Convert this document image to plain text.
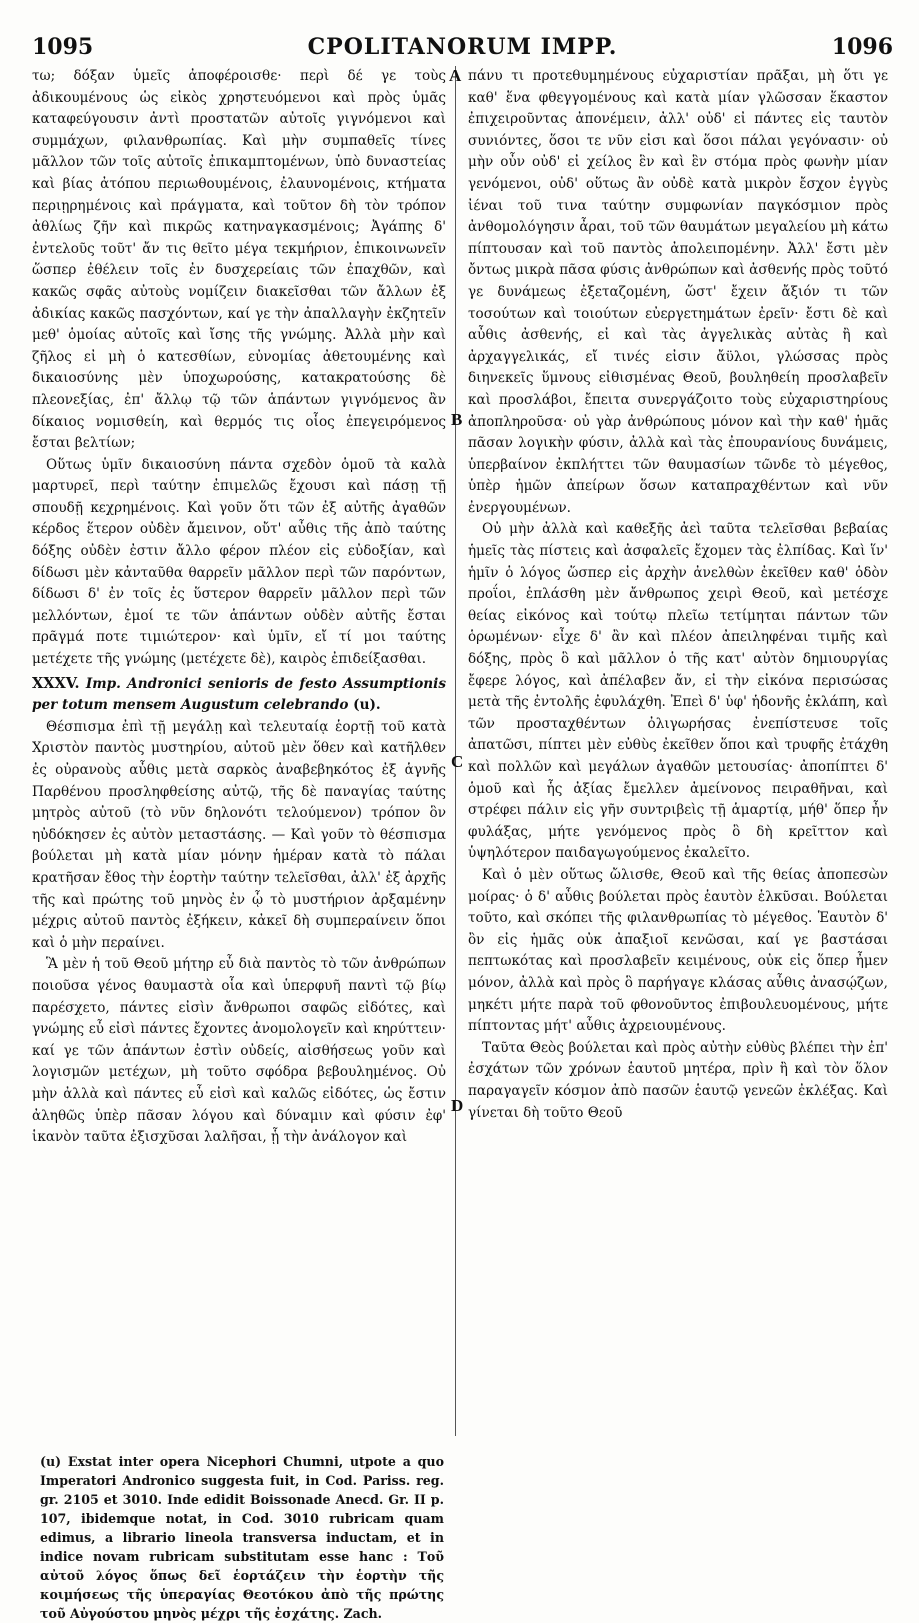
1095	CPOLITANORUM IMPP.	1096
A
B
C
D

τω; δόξαν ὑμεῖς ἀποφέροισθε· περὶ δέ γε τοὺς ἀδικουμένους ὡς εἰκὸς χρηστευόμενοι καὶ πρὸς ὑμᾶς καταφεύγουσιν ἀντὶ προστατῶν αὐτοῖς γιγνόμενοι καὶ συμμάχων, φιλανθρωπίας. Καὶ μὴν συμπαθεῖς τίνες μᾶλλον τῶν τοῖς αὐτοῖς ἐπικαμπτομένων, ὑπὸ δυναστείας καὶ βίας ἀτόπου περιωθουμένοις, ἐλαυνομένοις, κτήματα περιῃρημένοις καὶ πράγματα, καὶ τοῦτον δὴ τὸν τρόπον ἀθλίως ζῆν καὶ πικρῶς κατηναγκασμένοις; Ἀγάπης δ' ἐντελοῦς τοῦτ' ἄν τις θεῖτο μέγα τεκμήριον, ἐπικοινωνεῖν ὥσπερ ἐθέλειν τοῖς ἐν δυσχερείαις τῶν ἐπαχθῶν, καὶ κακῶς σφᾶς αὐτοὺς νομίζειν διακεῖσθαι τῶν ἄλλων ἐξ ἀδικίας κακῶς πασχόντων, καί γε τὴν ἀπαλλαγὴν ἐκζητεῖν μεθ' ὁμοίας αὐτοῖς καὶ ἴσης τῆς γνώμης. Ἀλλὰ μὴν καὶ ζῆλος εἰ μὴ ὁ κατεσθίων, εὐνομίας ἀθετουμένης καὶ δικαιοσύνης μὲν ὑποχωρούσης, κατακρατούσης δὲ πλεονεξίας, ἐπ' ἄλλῳ τῷ τῶν ἁπάντων γιγνόμενος ἂν δίκαιος νομισθείη, καὶ θερμός τις οἷος ἐπεγειρόμενος ἔσται βελτίων;

Οὕτως ὑμῖν δικαιοσύνη πάντα σχεδὸν ὁμοῦ τὰ καλὰ μαρτυρεῖ, περὶ ταύτην ἐπιμελῶς ἔχουσι καὶ πάσῃ τῇ σπουδῇ κεχρημένοις. Καὶ γοῦν ὅτι τῶν ἐξ αὐτῆς ἀγαθῶν κέρδος ἕτερον οὐδὲν ἄμεινον, οὔτ' αὖθις τῆς ἀπὸ ταύτης δόξης οὐδὲν ἐστιν ἄλλο φέρον πλέον εἰς εὐδοξίαν, καὶ δίδωσι μὲν κἀνταῦθα θαρρεῖν μᾶλλον περὶ τῶν παρόντων, δίδωσι δ' ἐν τοῖς ἐς ὕστερον θαρρεῖν μᾶλλον περὶ τῶν μελλόντων, ἐμοί τε τῶν ἁπάντων οὐδὲν αὐτῆς ἔσται πρᾶγμά ποτε τιμιώτερον· καὶ ὑμῖν, εἴ τί μοι ταύτης μετέχετε τῆς γνώμης (μετέχετε δὲ), καιρὸς ἐπιδείξασθαι.

XXXV. Imp. Andronici senioris de festo Assumptionis per totum mensem Augustum celebrando (u).

Θέσπισμα ἐπὶ τῇ μεγάλῃ καὶ τελευταίᾳ ἑορτῇ τοῦ κατὰ Χριστὸν παντὸς μυστηρίου, αὐτοῦ μὲν ὅθεν καὶ κατῆλθεν ἐς οὐρανοὺς αὖθις μετὰ σαρκὸς ἀναβεβηκότος ἐξ ἁγνῆς Παρθένου προσληφθείσης αὐτῷ, τῆς δὲ παναγίας ταύτης μητρὸς αὐτοῦ (τὸ νῦν δηλονότι τελούμενον) τρόπον ὃν ηὐδόκησεν ἐς αὐτὸν μεταστάσης. — Καὶ γοῦν τὸ θέσπισμα βούλεται μὴ κατὰ μίαν μόνην ἡμέραν κατὰ τὸ πάλαι κρατῆσαν ἔθος τὴν ἑορτὴν ταύτην τελεῖσθαι, ἀλλ' ἐξ ἀρχῆς τῆς καὶ πρώτης τοῦ μηνὸς ἐν ᾧ τὸ μυστήριον ἀρξαμένην μέχρις αὐτοῦ παντὸς ἐξήκειν, κἀκεῖ δὴ συμπεραίνειν ὅποι καὶ ὁ μὴν περαίνει.

Ἃ μὲν ἡ τοῦ Θεοῦ μήτηρ εὖ διὰ παντὸς τὸ τῶν ἀνθρώπων ποιοῦσα γένος θαυμαστὰ οἷα καὶ ὑπερφυῆ παντὶ τῷ βίῳ παρέσχετο, πάντες εἰσὶν ἄνθρωποι σαφῶς εἰδότες, καὶ γνώμης εὖ εἰσὶ πάντες ἔχοντες ἀνομολογεῖν καὶ κηρύττειν· καί γε τῶν ἁπάντων ἐστὶν οὐδείς, αἰσθήσεως γοῦν καὶ λογισμῶν μετέχων, μὴ τοῦτο σφόδρα βεβουλημένος. Οὐ μὴν ἀλλὰ καὶ πάντες εὖ εἰσὶ καὶ καλῶς εἰδότες, ὡς ἔστιν ἀληθῶς ὑπὲρ πᾶσαν λόγου καὶ δύναμιν καὶ φύσιν ἐφ' ἱκανὸν ταῦτα ἐξισχῦσαι λαλῆσαι, ᾗ τὴν ἀνάλογον καὶ

πάνυ τι προτεθυμημένους εὐχαριστίαν πρᾶξαι, μὴ ὅτι γε καθ' ἕνα φθεγγομένους καὶ κατὰ μίαν γλῶσσαν ἕκαστον ἐπιχειροῦντας ἀπονέμειν, ἀλλ' οὐδ' εἰ πάντες εἰς ταυτὸν συνιόντες, ὅσοι τε νῦν εἰσι καὶ ὅσοι πάλαι γεγόνασιν· οὐ μὴν οὖν οὐδ' εἰ χείλος ἓν καὶ ἓν στόμα πρὸς φωνὴν μίαν γενόμενοι, οὐδ' οὕτως ἂν οὐδὲ κατὰ μικρὸν ἔσχον ἐγγὺς ἰέναι τοῦ τινα ταύτην συμφωνίαν παγκόσμιον πρὸς ἀνθομολόγησιν ἆραι, τοῦ τῶν θαυμάτων μεγαλείου μὴ κάτω πίπτουσαν καὶ τοῦ παντὸς ἀπολειπομένην. Ἀλλ' ἔστι μὲν ὄντως μικρὰ πᾶσα φύσις ἀνθρώπων καὶ ἀσθενής πρὸς τοῦτό γε δυνάμεως ἐξεταζομένη, ὥστ' ἔχειν ἄξιόν τι τῶν τοσούτων καὶ τοιούτων εὐεργετημάτων ἐρεῖν· ἔστι δὲ καὶ αὖθις ἀσθενής, εἰ καὶ τὰς ἀγγελικὰς αὐτὰς ἢ καὶ ἀρχαγγελικάς, εἴ τινές εἰσιν ἄϋλοι, γλώσσας πρὸς διηνεκεῖς ὕμνους εἰθισμένας Θεοῦ, βουληθείη προσλαβεῖν καὶ προσλάβοι, ἔπειτα συνεργάζοιτο τοὺς εὐχαριστηρίους ἀποπληροῦσα· οὐ γὰρ ἀνθρώπους μόνον καὶ τὴν καθ' ἡμᾶς πᾶσαν λογικὴν φύσιν, ἀλλὰ καὶ τὰς ἐπουρανίους δυνάμεις, ὑπερβαίνον ἐκπλήττει τῶν θαυμασίων τῶνδε τὸ μέγεθος, ὑπὲρ ἡμῶν ἀπείρων ὅσων καταπραχθέντων καὶ νῦν ἐνεργουμένων.

Οὐ μὴν ἀλλὰ καὶ καθεξῆς ἀεὶ ταῦτα τελεῖσθαι βεβαίας ἡμεῖς τὰς πίστεις καὶ ἀσφαλεῖς ἔχομεν τὰς ἐλπίδας. Καὶ ἵν' ἡμῖν ὁ λόγος ὥσπερ εἰς ἀρχὴν ἀνελθὼν ἐκεῖθεν καθ' ὁδὸν προΐοι, ἐπλάσθη μὲν ἄνθρωπος χειρὶ Θεοῦ, καὶ μετέσχε θείας εἰκόνος καὶ τούτῳ πλεῖω τετίμηται πάντων τῶν ὁρωμένων· εἶχε δ' ἂν καὶ πλέον ἀπειληφέναι τιμῆς καὶ δόξης, πρὸς ὃ καὶ μᾶλλον ὁ τῆς κατ' αὐτὸν δημιουργίας ἔφερε λόγος, καὶ ἀπέλαβεν ἄν, εἰ τὴν εἰκόνα περισώσας μετὰ τῆς ἐντολῆς ἐφυλάχθη. Ἐπεὶ δ' ὑφ' ἡδονῆς ἐκλάπη, καὶ τῶν προσταχθέντων ὀλιγωρήσας ἐνεπίστευσε τοῖς ἀπατῶσι, πίπτει μὲν εὐθὺς ἐκεῖθεν ὅποι καὶ τρυφῆς ἐτάχθη καὶ πολλῶν καὶ μεγάλων ἀγαθῶν μετουσίας· ἀποπίπτει δ' ὁμοῦ καὶ ἧς ἀξίας ἔμελλεν ἀμείνονος πειραθῆναι, καὶ στρέφει πάλιν εἰς γῆν συντριβεὶς τῇ ἁμαρτίᾳ, μήθ' ὅπερ ἦν φυλάξας, μήτε γενόμενος πρὸς ὃ δὴ κρεῖττον καὶ ὑψηλότερον παιδαγωγούμενος ἐκαλεῖτο.

Καὶ ὁ μὲν οὕτως ὤλισθε, Θεοῦ καὶ τῆς θείας ἀποπεσὼν μοίρας· ὁ δ' αὖθις βούλεται πρὸς ἑαυτὸν ἑλκῦσαι. Βούλεται τοῦτο, καὶ σκόπει τῆς φιλανθρωπίας τὸ μέγεθος. Ἑαυτὸν δ' ὂν εἰς ἡμᾶς οὐκ ἀπαξιοῖ κενῶσαι, καί γε βαστάσαι πεπτωκότας καὶ προσλαβεῖν κειμένους, οὐκ εἰς ὅπερ ἦμεν μόνον, ἀλλὰ καὶ πρὸς ὃ παρήγαγε κλάσας αὖθις ἀνασῴζων, μηκέτι μήτε παρὰ τοῦ φθονοῦντος ἐπιβουλευομένους, μήτε πίπτοντας μήτ' αὖθις ἀχρειουμένους.

Ταῦτα Θεὸς βούλεται καὶ πρὸς αὐτὴν εὐθὺς βλέπει τὴν ἐπ' ἐσχάτων τῶν χρόνων ἑαυτοῦ μητέρα, πρὶν ἢ καὶ τὸν ὅλον παραγαγεῖν κόσμον ἀπὸ πασῶν ἑαυτῷ γενεῶν ἐκλέξας. Καὶ γίνεται δὴ τοῦτο Θεοῦ

(u) Exstat inter opera Nicephori Chumni, utpote a quo Imperatori Andronico suggesta fuit, in Cod. Pariss. reg. gr. 2105 et 3010. Inde edidit Boissonade Anecd. Gr. II p. 107, ibidemque notat, in Cod. 3010 rubricam quam edimus, a librario lineola transversa inductam, et in indice novam rubricam substitutam esse hanc : Τοῦ αὐτοῦ λόγος ὅπως δεῖ ἑορτάζειν τὴν ἑορτὴν τῆς κοιμήσεως τῆς ὑπεραγίας Θεοτόκου ἀπὸ τῆς πρώτης τοῦ Αὐγούστου μηνὸς μέχρι τῆς ἐσχάτης. Zach.
